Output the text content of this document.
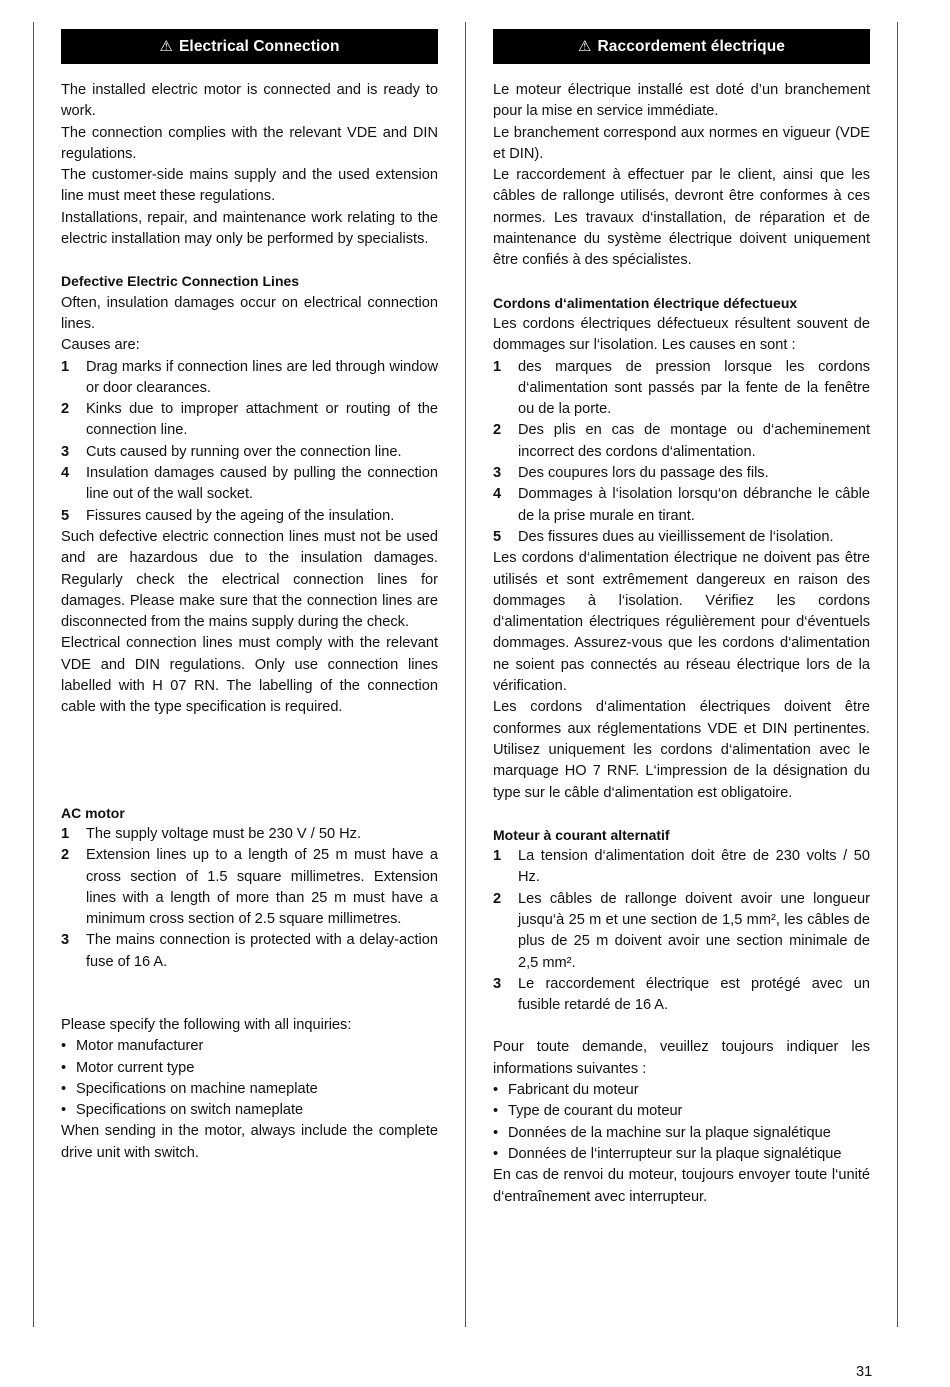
⚠ Electrical Connection

The installed electric motor is connected and is ready to work.

The connection complies with the relevant VDE and DIN regulations.

The customer-side mains supply and the used extension line must meet these regulations.

Installations, repair, and maintenance work relating to the electric installation may only be performed by specialists.

Defective Electric Connection Lines

Often, insulation damages occur on electrical connection lines.

Causes are:

1 Drag marks if connection lines are led through window or door clearances.
2 Kinks due to improper attachment or routing of the connection line.
3 Cuts caused by running over the connection line.
4 Insulation damages caused by pulling the connection line out of the wall socket.
5 Fissures caused by the ageing of the insulation.

Such defective electric connection lines must not be used and are hazardous due to the insulation damages. Regularly check the electrical connection lines for damages. Please make sure that the connection lines are disconnected from the mains supply during the check.

Electrical connection lines must comply with the relevant VDE and DIN regulations. Only use connection lines labelled with H 07 RN. The labelling of the connection cable with the type specification is required.

AC motor

1 The supply voltage must be 230 V / 50 Hz.
2 Extension lines up to a length of 25 m must have a cross section of 1.5 square millimetres. Extension lines with a length of more than 25 m must have a minimum cross section of 2.5 square millimetres.
3 The mains connection is protected with a delay-action fuse of 16 A.

Please specify the following with all inquiries:

• Motor manufacturer
• Motor current type
• Specifications on machine nameplate
• Specifications on switch nameplate

When sending in the motor, always include the complete drive unit with switch.

⚠ Raccordement électrique

Le moteur électrique installé est doté d’un branchement pour la mise en service immédiate.

Le branchement correspond aux normes en vigueur (VDE et DIN).

Le raccordement à effectuer par le client, ainsi que les câbles de rallonge utilisés, devront être conformes à ces normes. Les travaux d‘installation, de réparation et de maintenance du système électrique doivent uniquement être confiés à des spécialistes.

Cordons d‘alimentation électrique défectueux

Les cordons électriques défectueux résultent souvent de dommages sur l‘isolation. Les causes en sont :

1 des marques de pression lorsque les cordons d‘alimentation sont passés par la fente de la fenêtre ou de la porte.
2 Des plis en cas de montage ou d‘acheminement incorrect des cordons d‘alimentation.
3 Des coupures lors du passage des fils.
4 Dommages à l‘isolation lorsqu‘on débranche le câble de la prise murale en tirant.
5 Des fissures dues au vieillissement de l‘isolation.

Les cordons d‘alimentation électrique ne doivent pas être utilisés et sont extrêmement dangereux en raison des dommages à l‘isolation. Vérifiez les cordons d‘alimentation électriques régulièrement pour d‘éventuels dommages. Assurez-vous que les cordons d‘alimentation ne soient pas connectés au réseau électrique lors de la vérification.

Les cordons d‘alimentation électriques doivent être conformes aux réglementations VDE et DIN pertinentes. Utilisez uniquement les cordons d‘alimentation avec le marquage HO 7 RNF. L‘impression de la désignation du type sur le câble d‘alimentation est obligatoire.

Moteur à courant alternatif

1 La tension d‘alimentation doit être de 230 volts / 50 Hz.
2 Les câbles de rallonge doivent avoir une longueur jusqu‘à 25 m et une section de 1,5 mm², les câbles de plus de 25 m doivent avoir une section minimale de 2,5 mm².
3 Le raccordement électrique est protégé avec un fusible retardé de 16 A.

Pour toute demande, veuillez toujours indiquer les informations suivantes :

• Fabricant du moteur
• Type de courant du moteur
• Données de la machine sur la plaque signalétique
• Données de l‘interrupteur sur la plaque signalétique

En cas de renvoi du moteur, toujours envoyer toute l‘unité d‘entraînement avec interrupteur.

31
